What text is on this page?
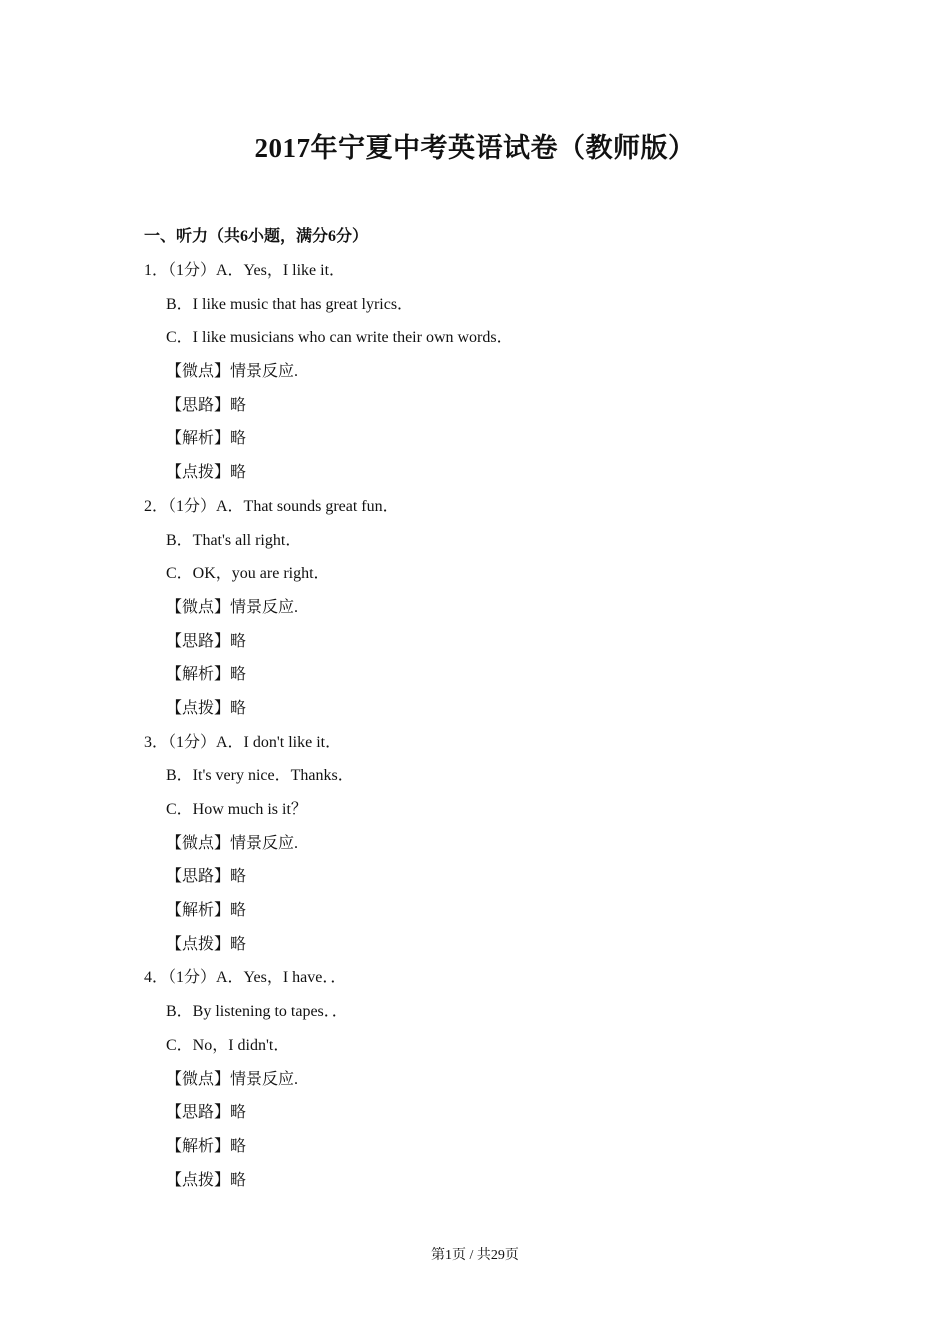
2017年宁夏中考英语试卷（教师版）
一、听力（共6小题，满分6分）
1．（1分）A．Yes，I like it．
B．I like music that has great lyrics．
C．I like musicians who can write their own words．
【微点】情景反应.
【思路】略
【解析】略
【点拨】略
2．（1分）A．That sounds great fun．
B．That's all right．
C．OK，you are right．
【微点】情景反应.
【思路】略
【解析】略
【点拨】略
3．（1分）A．I don't like it．
B．It's very nice．Thanks．
C．How much is it？
【微点】情景反应.
【思路】略
【解析】略
【点拨】略
4．（1分）A．Yes，I have．．
B．By listening to tapes．．
C．No，I didn't．
【微点】情景反应.
【思路】略
【解析】略
【点拨】略
第1页 / 共29页
